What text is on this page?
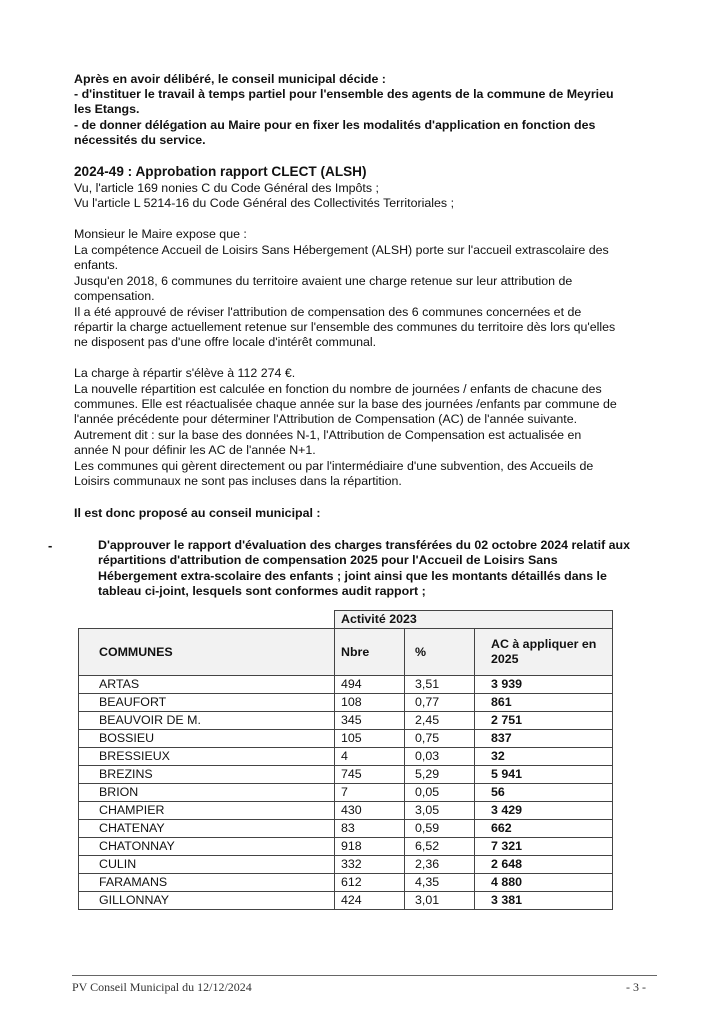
Après en avoir délibéré, le conseil municipal décide :
- d'instituer le travail à temps partiel pour l'ensemble des agents de la commune de Meyrieu
les Etangs.
- de donner délégation au Maire pour en fixer les modalités d'application en fonction des
nécessités du service.
2024-49 : Approbation rapport CLECT (ALSH)
Vu, l'article 169 nonies C du Code Général des Impôts ;
Vu l'article L 5214-16 du Code Général des Collectivités Territoriales ;
Monsieur le Maire expose que :
La compétence Accueil de Loisirs Sans Hébergement (ALSH) porte sur l'accueil extrascolaire des
enfants.
Jusqu'en 2018, 6 communes du territoire avaient une charge retenue sur leur attribution de
compensation.
Il a été approuvé de réviser l'attribution de compensation des 6 communes concernées et de
répartir la charge actuellement retenue sur l'ensemble des communes du territoire dès lors qu'elles
ne disposent pas d'une offre locale d'intérêt communal.
La charge à répartir s'élève à 112 274 €.
La nouvelle répartition est calculée en fonction du nombre de journées / enfants de chacune des
communes. Elle est réactualisée chaque année sur la base des journées /enfants par commune de
l'année précédente pour déterminer l'Attribution de Compensation (AC) de l'année suivante.
Autrement dit : sur la base des données N-1, l'Attribution de Compensation est actualisée en
année N pour définir les AC de l'année N+1.
Les communes qui gèrent directement ou par l'intermédiaire d'une subvention, des Accueils de
Loisirs communaux ne sont pas incluses dans la répartition.
Il est donc proposé au conseil municipal :
-	D'approuver le rapport d'évaluation des charges transférées du 02 octobre 2024 relatif aux
répartitions d'attribution de compensation 2025 pour l'Accueil de Loisirs Sans
Hébergement extra-scolaire des enfants ; joint ainsi que les montants détaillés dans le
tableau ci-joint, lesquels sont conformes audit rapport ;
	Activité 2023		
COMMUNES	Nbre	%	AC à appliquer en
2025

ARTAS	494	3,51	3 939
BEAUFORT	108	0,77	861
BEAUVOIR DE M.	345	2,45	2 751
BOSSIEU	105	0,75	837
BRESSIEUX	4	0,03	32
BREZINS	745	5,29	5 941
BRION	7	0,05	56
CHAMPIER	430	3,05	3 429
CHATENAY	83	0,59	662
CHATONNAY	918	6,52	7 321
CULIN	332	2,36	2 648
FARAMANS	612	4,35	4 880
GILLONNAY	424	3,01	3 381
PV Conseil Municipal du 12/12/2024	- 3 -
